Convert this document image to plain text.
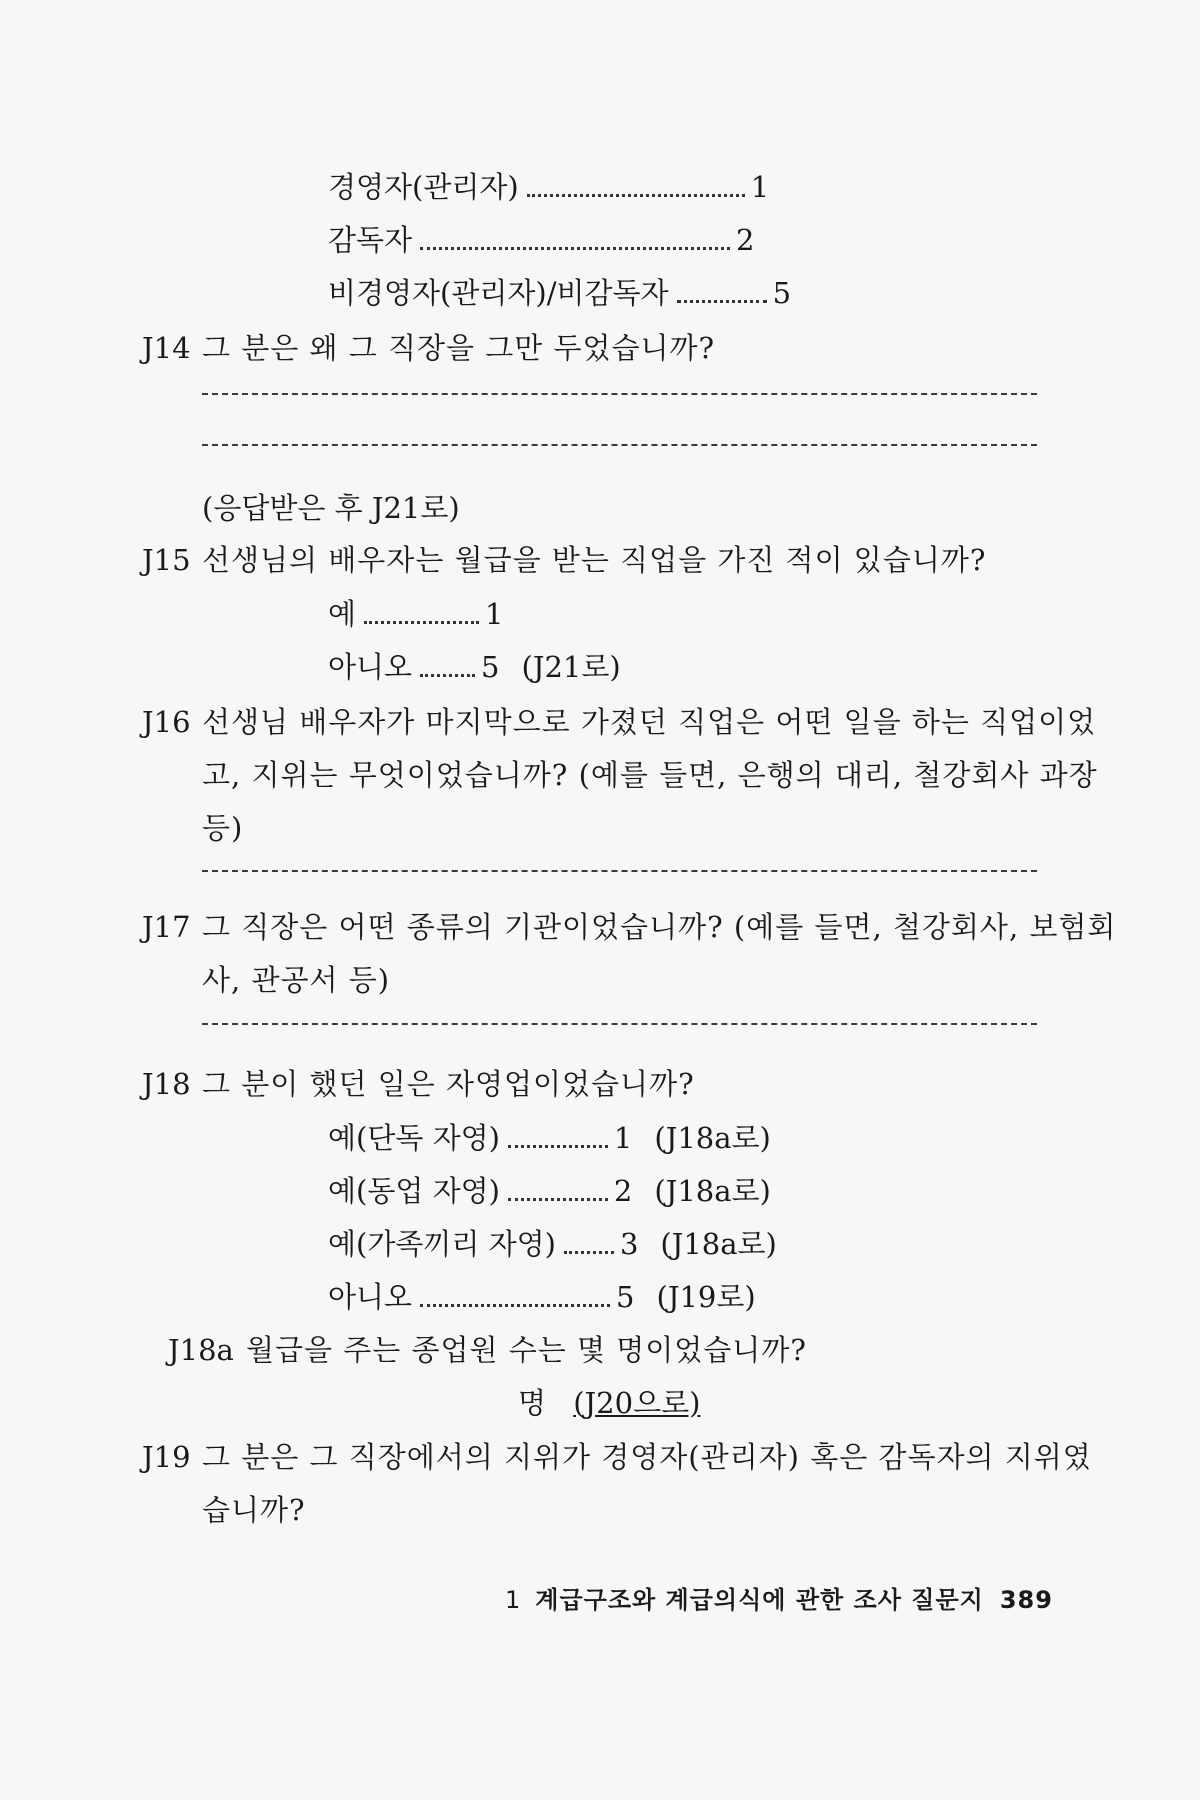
경영자(관리자)	1
감독자	2
비경영자(관리자)/비감독자	5
J14 그 분은 왜 그 직장을 그만 두었습니까?
(응답받은 후 J21로)
J15 선생님의 배우자는 월급을 받는 직업을 가진 적이 있습니까?
예	1
아니오 5 (J21로)
J16 선생님 배우자가 마지막으로 가졌던 직업은 어떤 일을 하는 직업이었
고, 지위는 무엇이었습니까? (예를 들면, 은행의 대리, 철강회사 과장
등)
J17 그 직장은 어떤 종류의 기관이었습니까? (예를 들면, 철강회사, 보험회
사, 관공서 등)
J18 그 분이 했던 일은 자영업이었습니까?
예(단독 자영)	1 (J18a로)
예(동업 자영)	2 (J18a로)
예(가족끼리 자영) 3 (J18a로)
아니오	5 (J19로)
J18a 월급을 주는 종업원 수는 몇 명이었습니까?
명 (J20으로)
J19 그 분은 그 직장에서의 지위가 경영자(관리자) 혹은 감독자의 지위였
습니까?
1 계급구조와 계급의식에 관한 조사 질문지 389
